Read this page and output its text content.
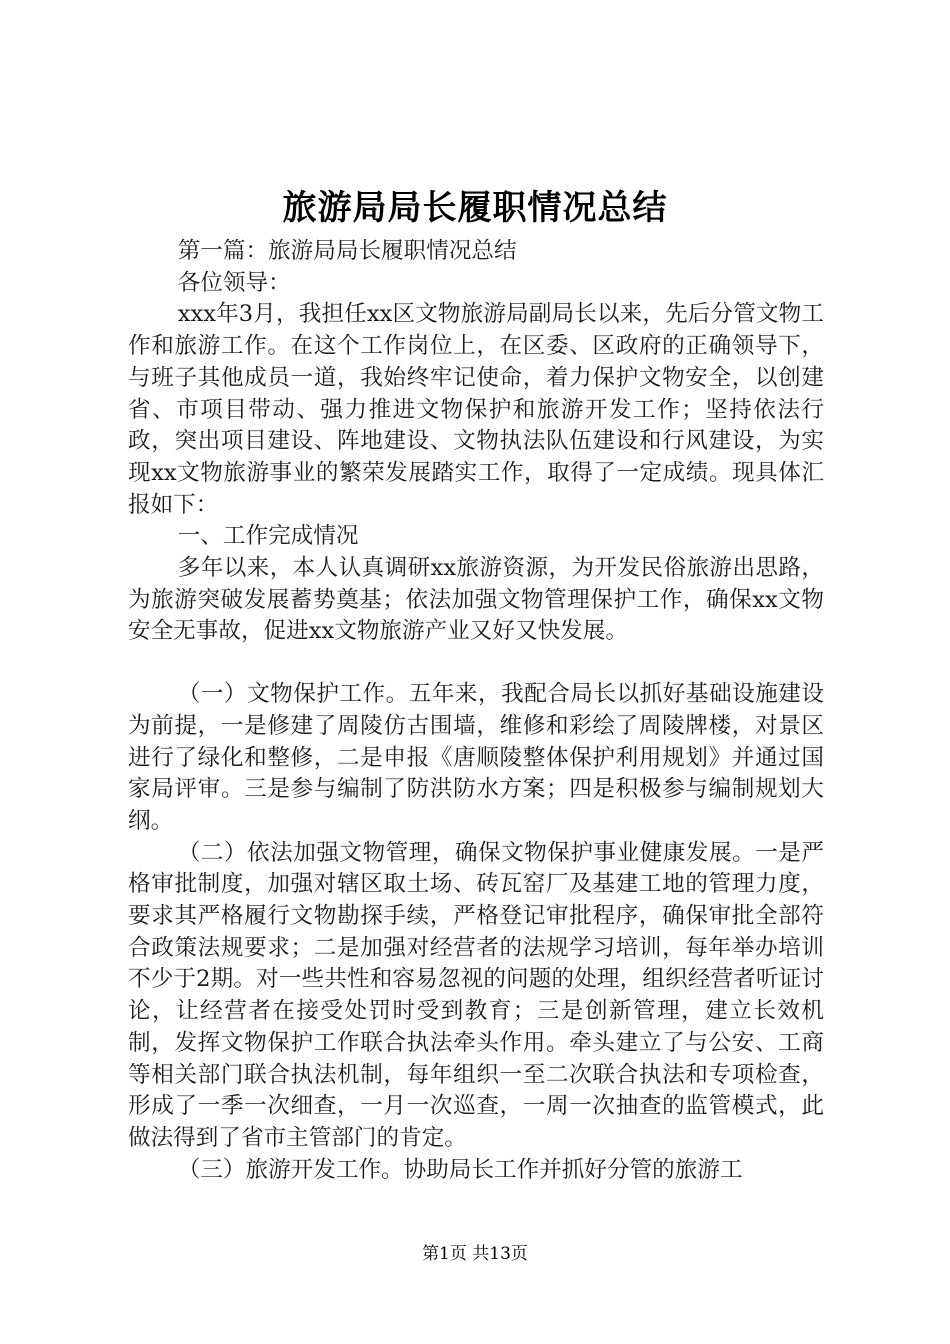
旅游局局长履职情况总结

第一篇：旅游局局长履职情况总结

各位领导：

xxx年3月，我担任xx区文物旅游局副局长以来，先后分管文物工作和旅游工作。在这个工作岗位上，在区委、区政府的正确领导下，与班子其他成员一道，我始终牢记使命，着力保护文物安全，以创建省、市项目带动、强力推进文物保护和旅游开发工作；坚持依法行政，突出项目建设、阵地建设、文物执法队伍建设和行风建设，为实现xx文物旅游事业的繁荣发展踏实工作，取得了一定成绩。现具体汇报如下：

一、工作完成情况

多年以来，本人认真调研xx旅游资源，为开发民俗旅游出思路，为旅游突破发展蓄势奠基；依法加强文物管理保护工作，确保xx文物安全无事故，促进xx文物旅游产业又好又快发展。

（一）文物保护工作。五年来，我配合局长以抓好基础设施建设为前提，一是修建了周陵仿古围墙，维修和彩绘了周陵牌楼，对景区进行了绿化和整修，二是申报《唐顺陵整体保护利用规划》并通过国家局评审。三是参与编制了防洪防水方案；四是积极参与编制规划大纲。

（二）依法加强文物管理，确保文物保护事业健康发展。一是严格审批制度，加强对辖区取土场、砖瓦窑厂及基建工地的管理力度，要求其严格履行文物勘探手续，严格登记审批程序，确保审批全部符合政策法规要求；二是加强对经营者的法规学习培训，每年举办培训不少于2期。对一些共性和容易忽视的问题的处理，组织经营者听证讨论，让经营者在接受处罚时受到教育；三是创新管理，建立长效机制，发挥文物保护工作联合执法牵头作用。牵头建立了与公安、工商等相关部门联合执法机制，每年组织一至二次联合执法和专项检查，形成了一季一次细查，一月一次巡查，一周一次抽查的监管模式，此做法得到了省市主管部门的肯定。

（三）旅游开发工作。协助局长工作并抓好分管的旅游工

第1页 共13页
